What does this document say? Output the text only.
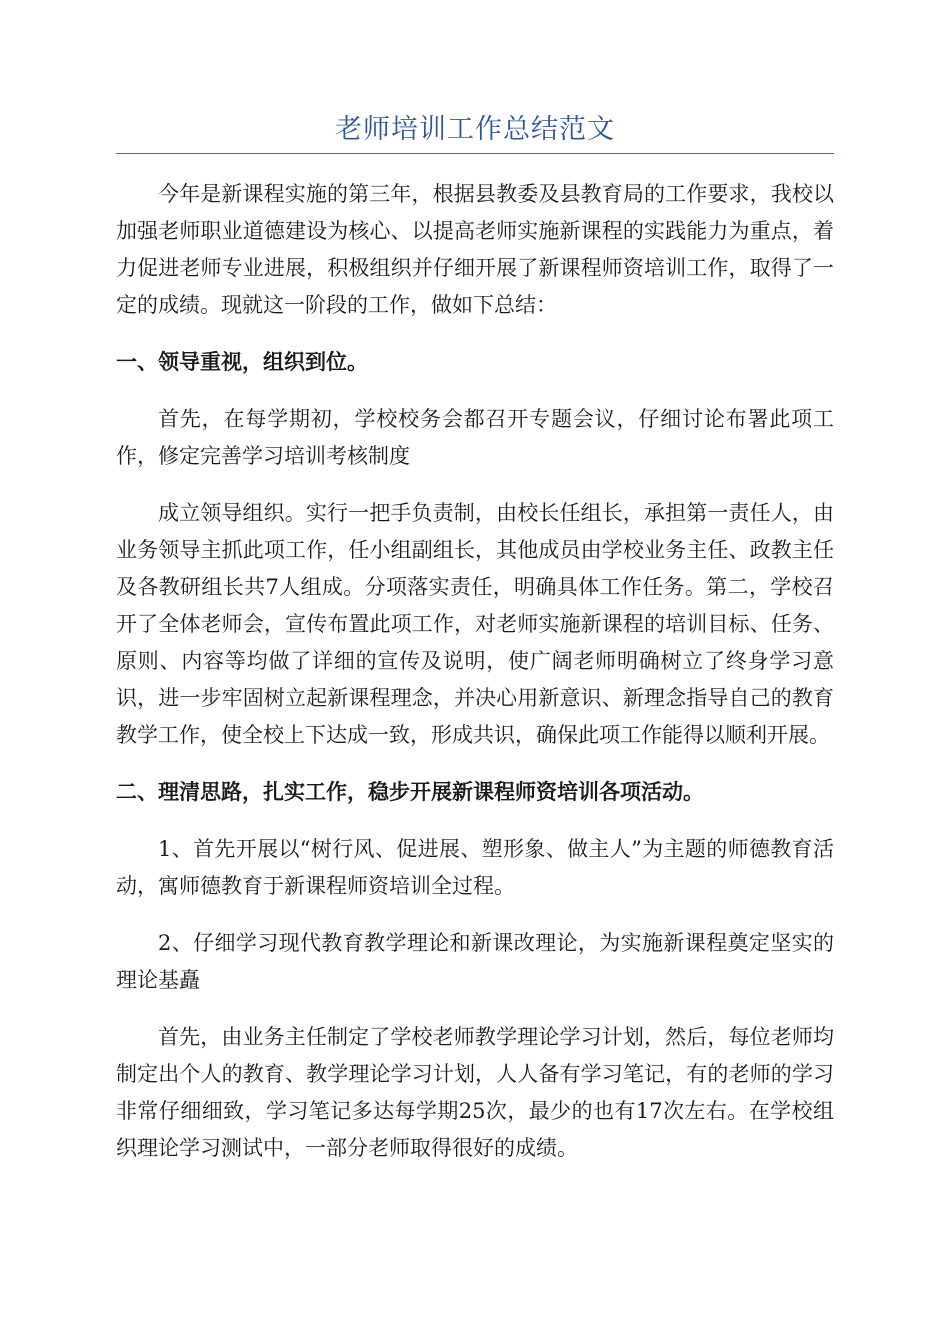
老师培训工作总结范文

今年是新课程实施的第三年，根据县教委及县教育局的工作要求，我校以加强老师职业道德建设为核心、以提高老师实施新课程的实践能力为重点，着力促进老师专业进展，积极组织并仔细开展了新课程师资培训工作，取得了一定的成绩。现就这一阶段的工作，做如下总结：

一、领导重视，组织到位。

首先，在每学期初，学校校务会都召开专题会议，仔细讨论布署此项工作，修定完善学习培训考核制度

成立领导组织。实行一把手负责制，由校长任组长，承担第一责任人，由业务领导主抓此项工作，任小组副组长，其他成员由学校业务主任、政教主任及各教研组长共7人组成。分项落实责任，明确具体工作任务。第二，学校召开了全体老师会，宣传布置此项工作，对老师实施新课程的培训目标、任务、原则、内容等均做了详细的宣传及说明，使广阔老师明确树立了终身学习意识，进一步牢固树立起新课程理念，并决心用新意识、新理念指导自己的教育教学工作，使全校上下达成一致，形成共识，确保此项工作能得以顺利开展。

二、理清思路，扎实工作，稳步开展新课程师资培训各项活动。

1、首先开展以“树行风、促进展、塑形象、做主人”为主题的师德教育活动，寓师德教育于新课程师资培训全过程。

2、仔细学习现代教育教学理论和新课改理论，为实施新课程奠定坚实的理论基矗

首先，由业务主任制定了学校老师教学理论学习计划，然后，每位老师均制定出个人的教育、教学理论学习计划，人人备有学习笔记，有的老师的学习非常仔细细致，学习笔记多达每学期25次，最少的也有17次左右。在学校组织理论学习测试中，一部分老师取得很好的成绩。
